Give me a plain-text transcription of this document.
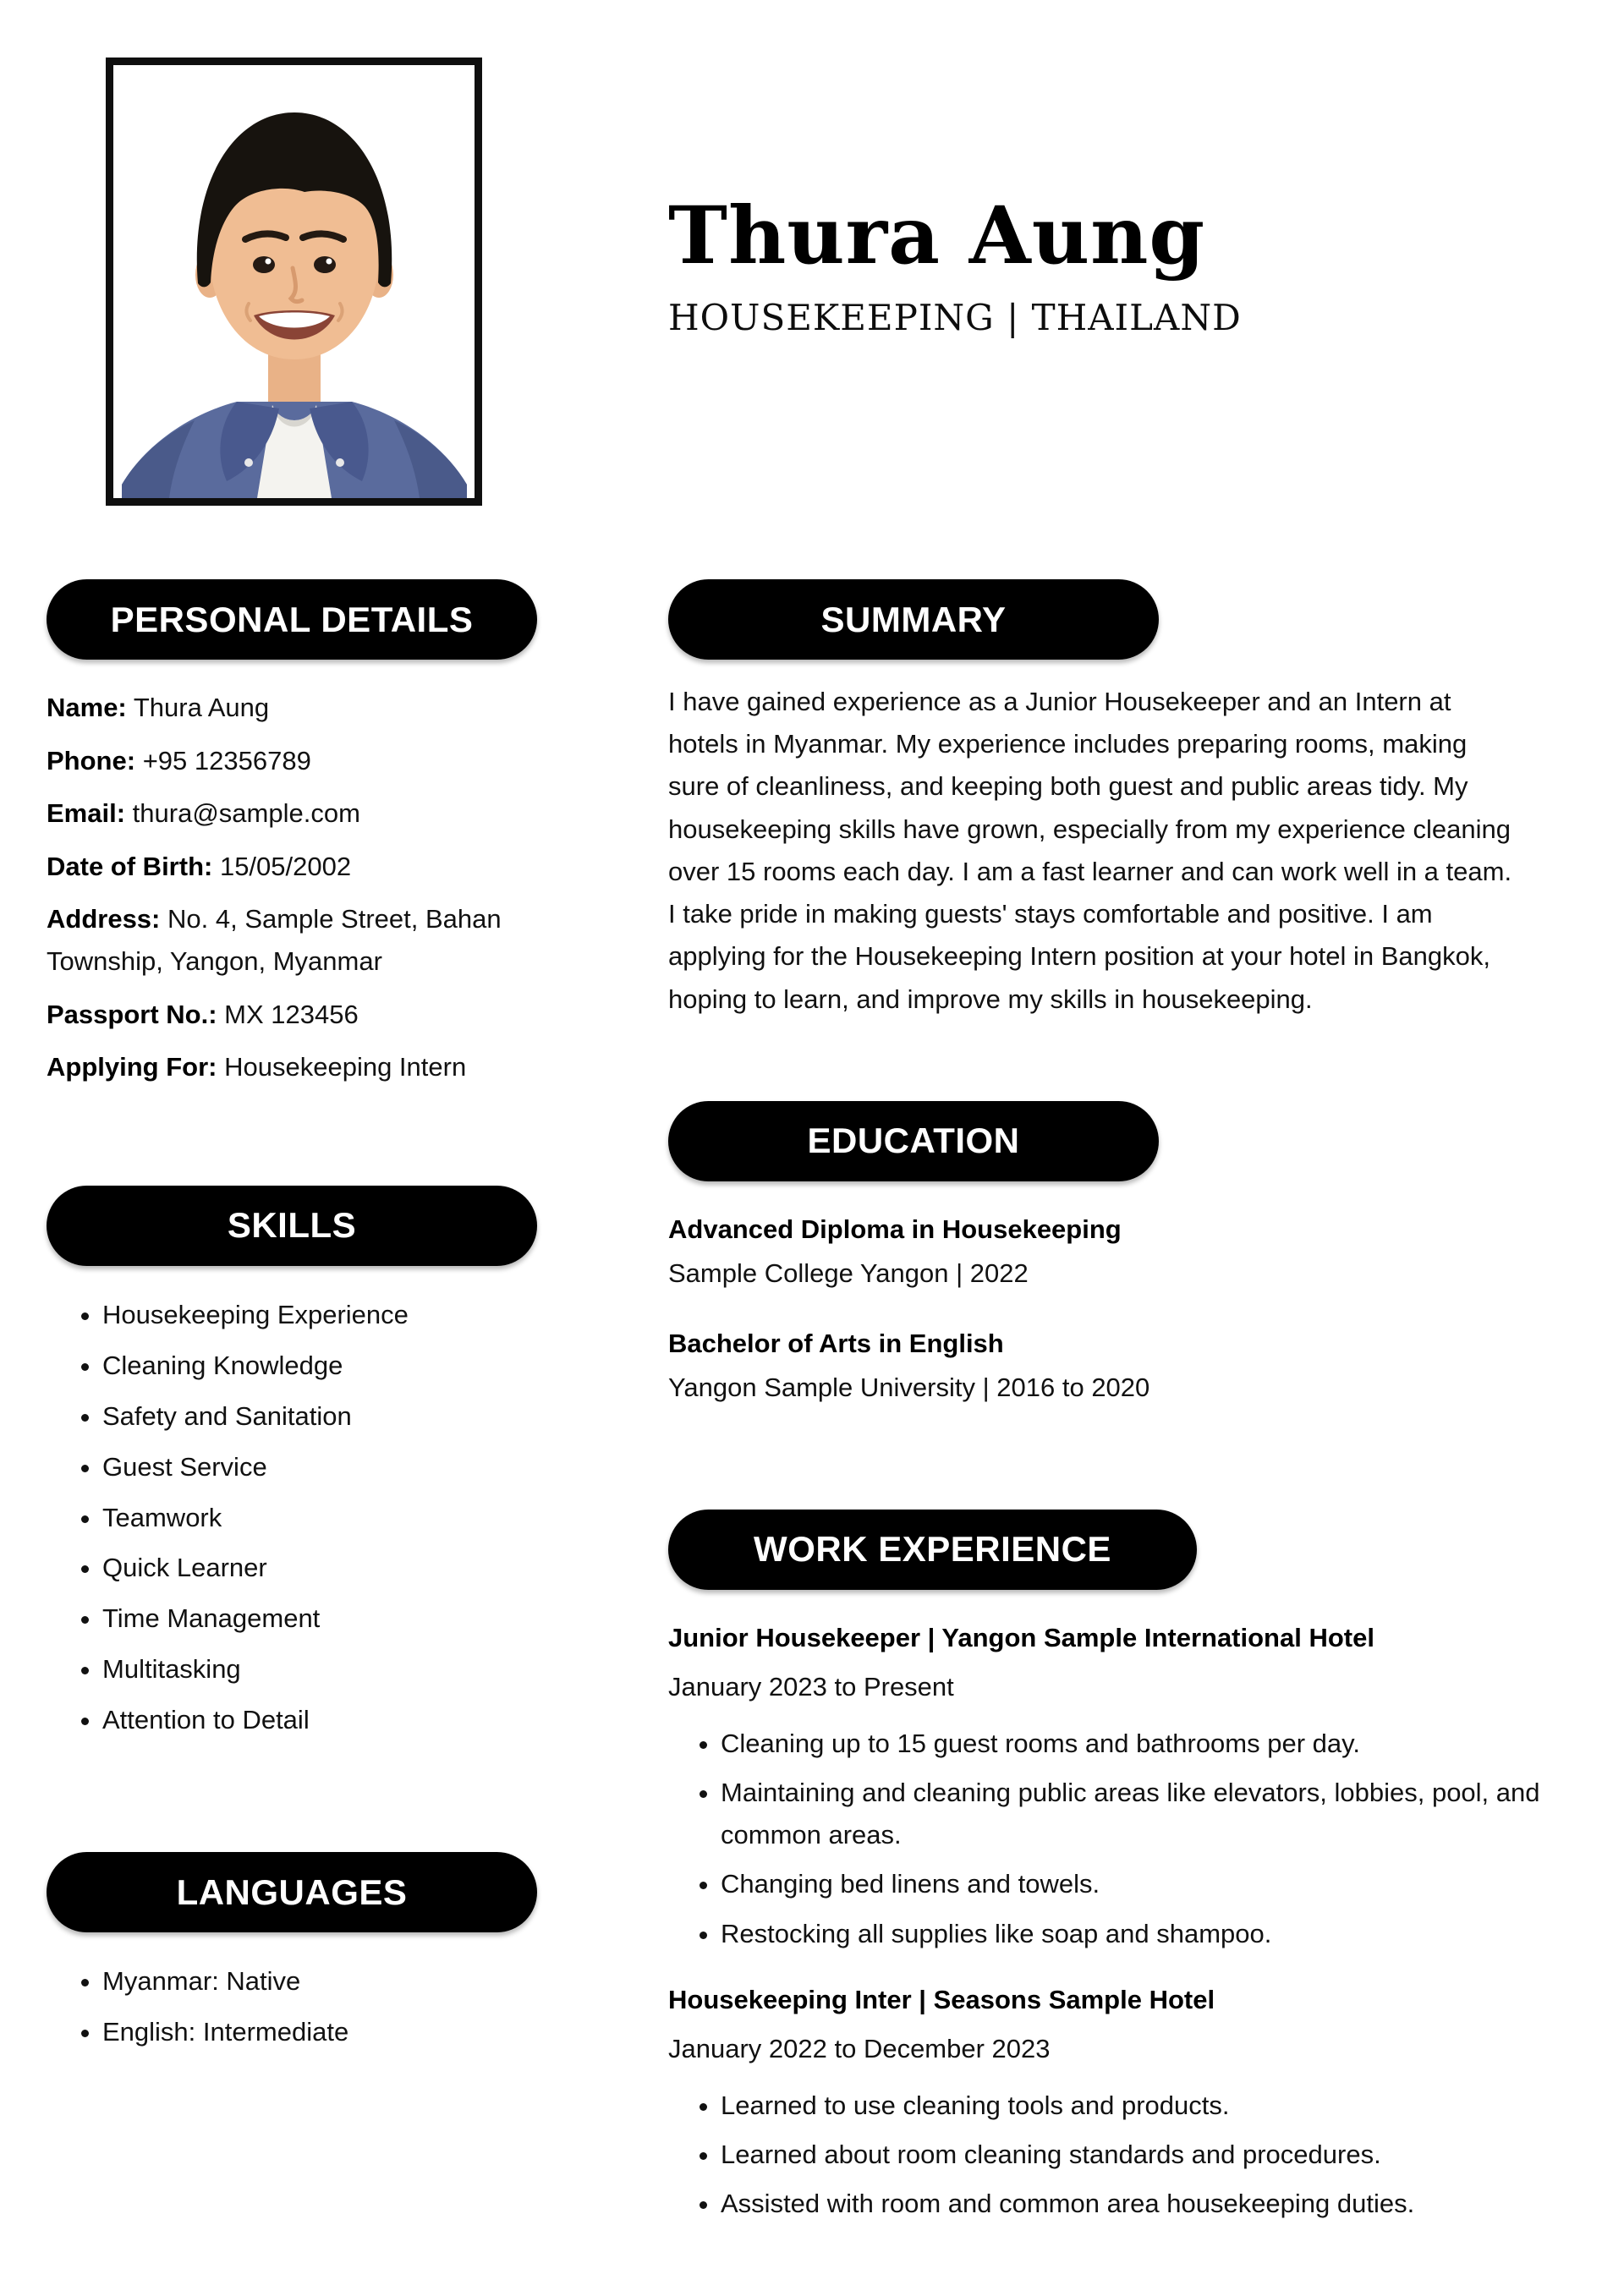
Thura Aung
HOUSEKEEPING | THAILAND
PERSONAL DETAILS

Name: Thura Aung

Phone: +95 12356789

Email: thura@sample.com

Date of Birth: 15/05/2002

Address: No. 4, Sample Street, Bahan Township, Yangon, Myanmar

Passport No.: MX 123456

Applying For: Housekeeping Intern

SKILLS
• Housekeeping Experience
• Cleaning Knowledge
• Safety and Sanitation
• Guest Service
• Teamwork
• Quick Learner
• Time Management
• Multitasking
• Attention to Detail
LANGUAGES
• Myanmar: Native
• English: Intermediate
SUMMARY

I have gained experience as a Junior Housekeeper and an Intern at hotels in Myanmar. My experience includes preparing rooms, making sure of cleanliness, and keeping both guest and public areas tidy. My housekeeping skills have grown, especially from my experience cleaning over 15 rooms each day. I am a fast learner and can work well in a team. I take pride in making guests' stays comfortable and positive. I am applying for the Housekeeping Intern position at your hotel in Bangkok, hoping to learn, and improve my skills in housekeeping.

EDUCATION
Advanced Diploma in Housekeeping
Sample College Yangon | 2022
Bachelor of Arts in English
Yangon Sample University | 2016 to 2020
WORK EXPERIENCE
Junior Housekeeper | Yangon Sample International Hotel
January 2023 to Present
• Cleaning up to 15 guest rooms and bathrooms per day.
• Maintaining and cleaning public areas like elevators, lobbies, pool, and common areas.
• Changing bed linens and towels.
• Restocking all supplies like soap and shampoo.
Housekeeping Inter | Seasons Sample Hotel
January 2022 to December 2023
• Learned to use cleaning tools and products.
• Learned about room cleaning standards and procedures.
• Assisted with room and common area housekeeping duties.
